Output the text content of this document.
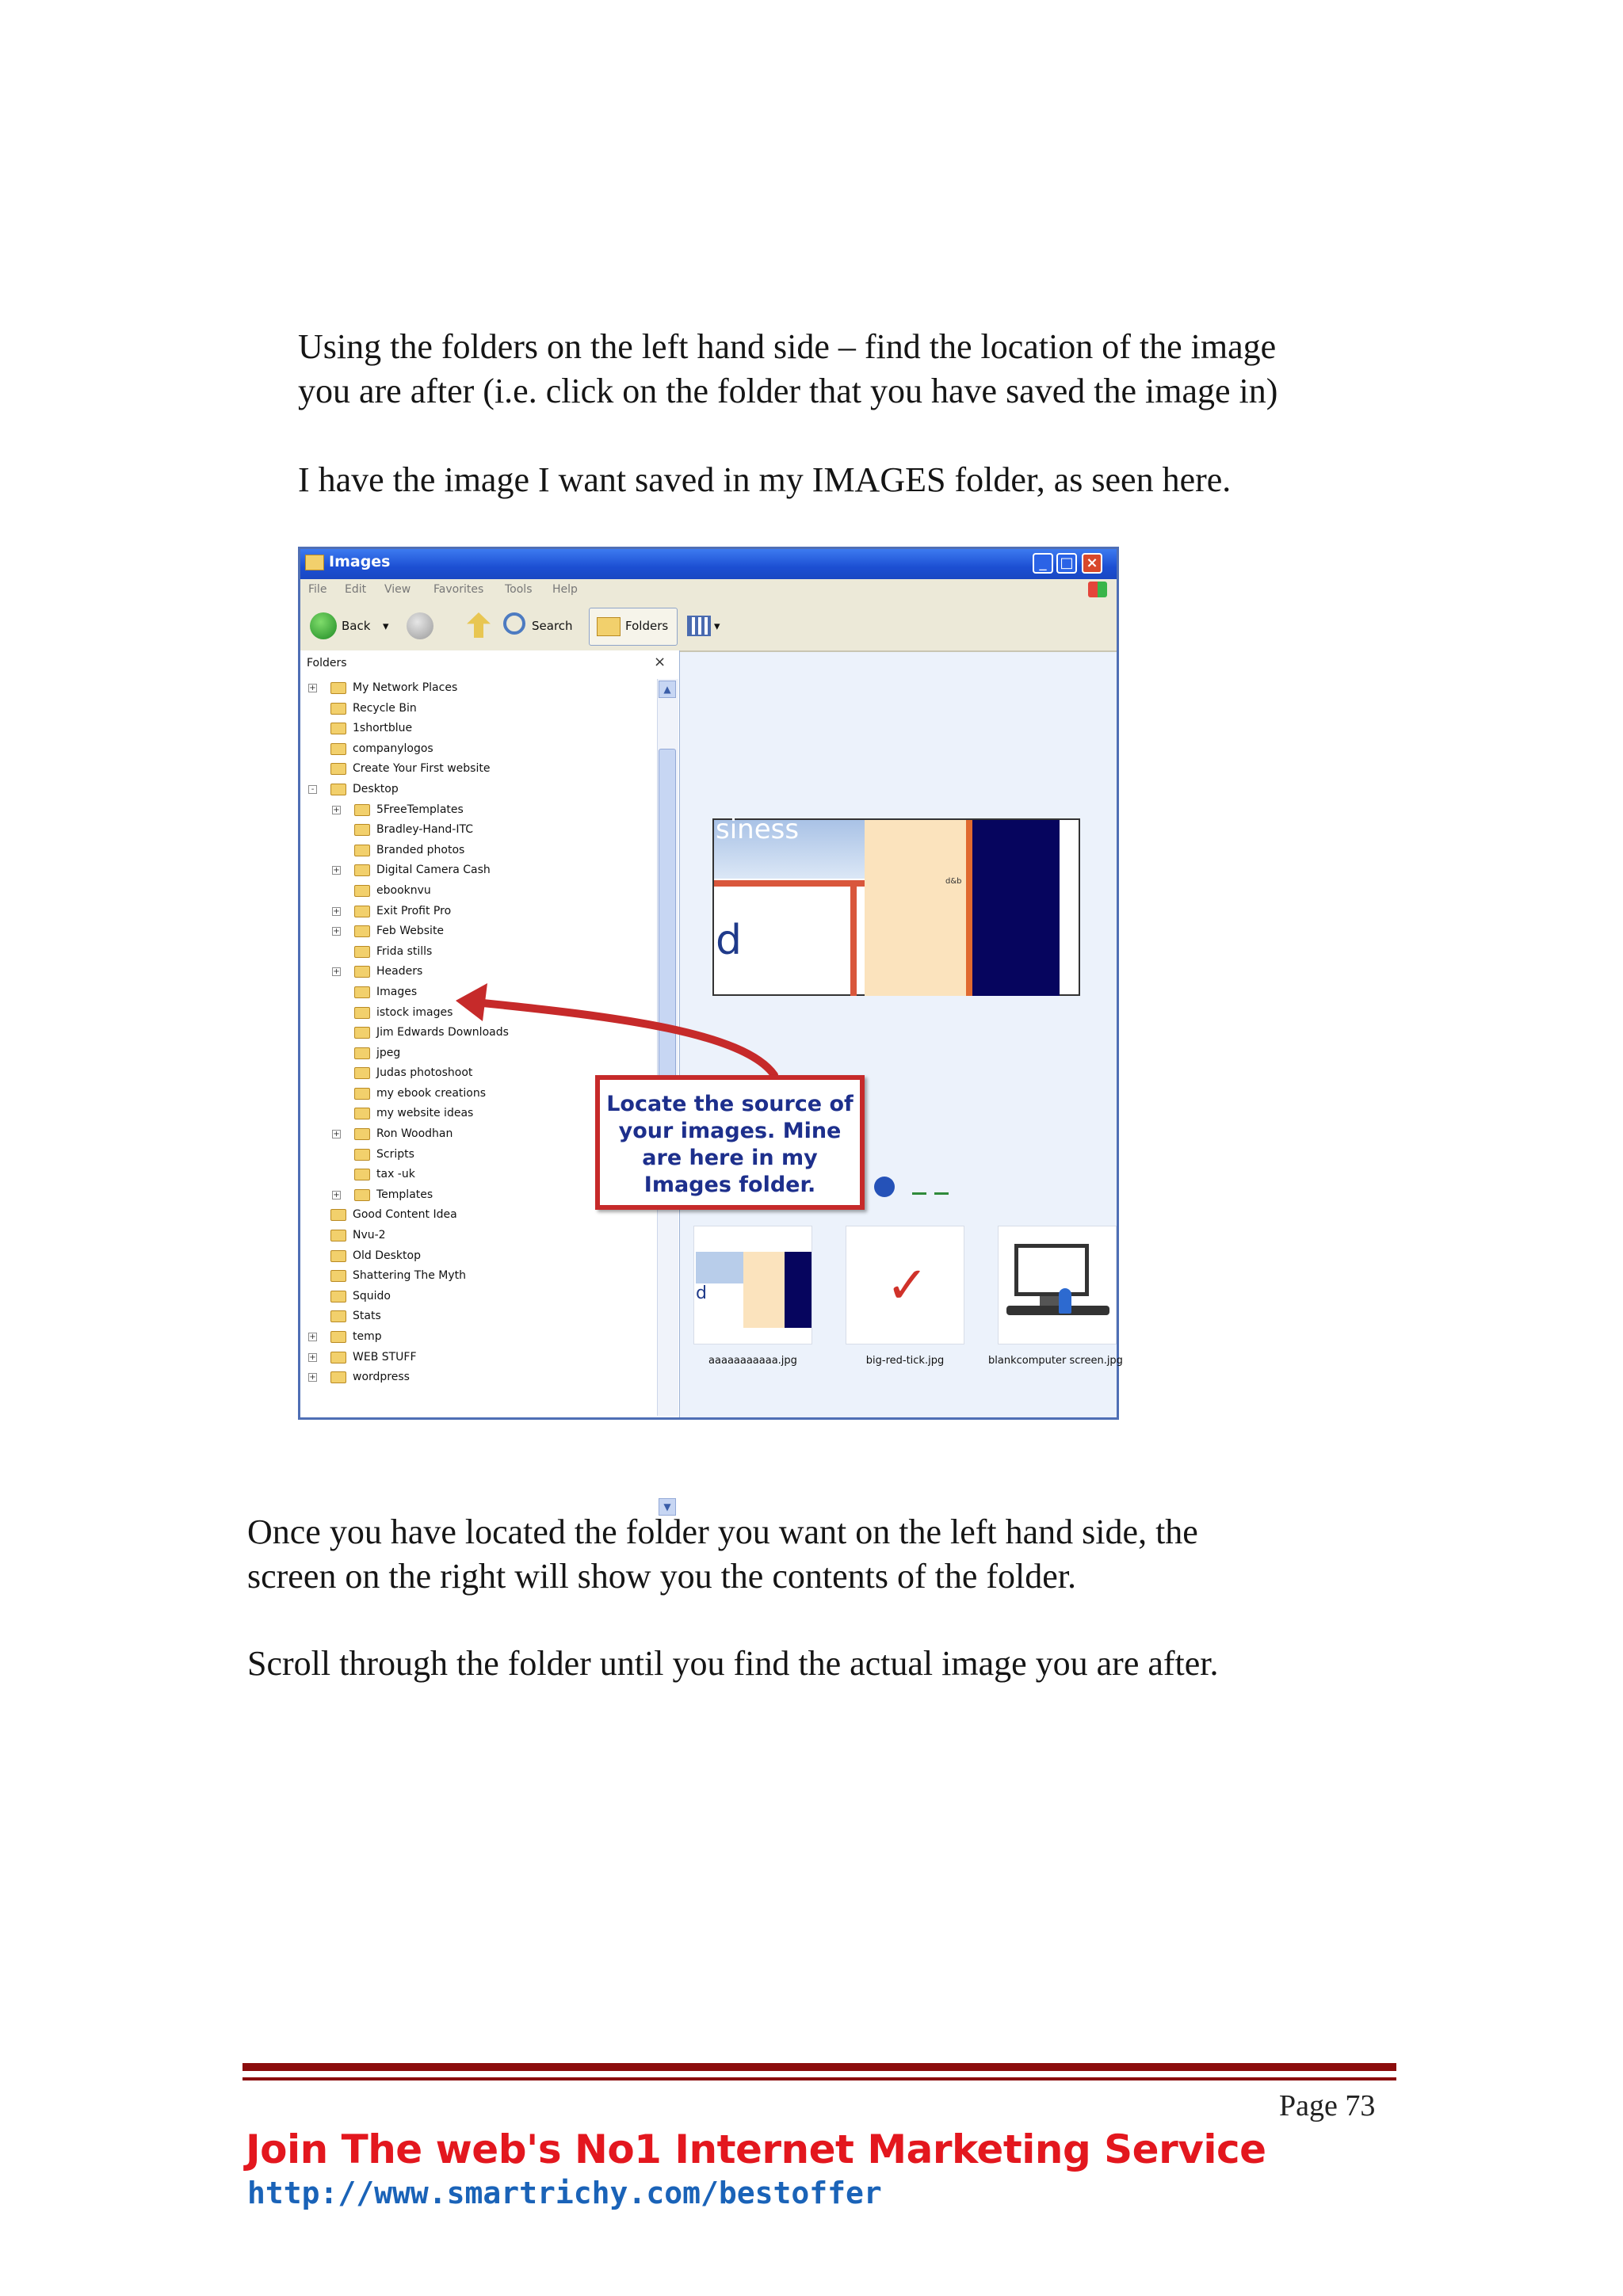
Using the folders on the left hand side – find the location of the image
you are after (i.e. click on the folder that you have saved the image in)
I have the image I want saved in my IMAGES folder, as seen here.
Images	_ □ ×
File Edit View Favorites Tools Help
Back ▾	Search	Folders	▾
Folders	×
+	My Network Places
Recycle Bin
1shortblue
companylogos
Create Your First website
-	Desktop
+	5FreeTemplates
Bradley-Hand-ITC
Branded photos
+	Digital Camera Cash
ebooknvu
+	Exit Profit Pro
+	Feb Website
Frida stills
+	Headers
Images
istock images
Jim Edwards Downloads
jpeg
Judas photoshoot
my ebook creations
my website ideas
+	Ron Woodhan
Scripts
tax -uk
+	Templates
Good Content Idea
Nvu-2
Old Desktop
Shattering The Myth
Squido
Stats
+	temp
+	WEB STUFF
+	wordpress
▲
▼
siness
d
d&b
d	✓
aaaaaaaaaaa.jpg	big-red-tick.jpg	blankcomputer screen.jpg
Locate the source of your images. Mine are here in my Images folder.
Once you have located the folder you want on the left hand side, the
screen on the right will show you the contents of the folder.
Scroll through the folder until you find the actual image you are after.
Page 73
Join The web's No1 Internet Marketing Service
http://www.smartrichy.com/bestoffer
